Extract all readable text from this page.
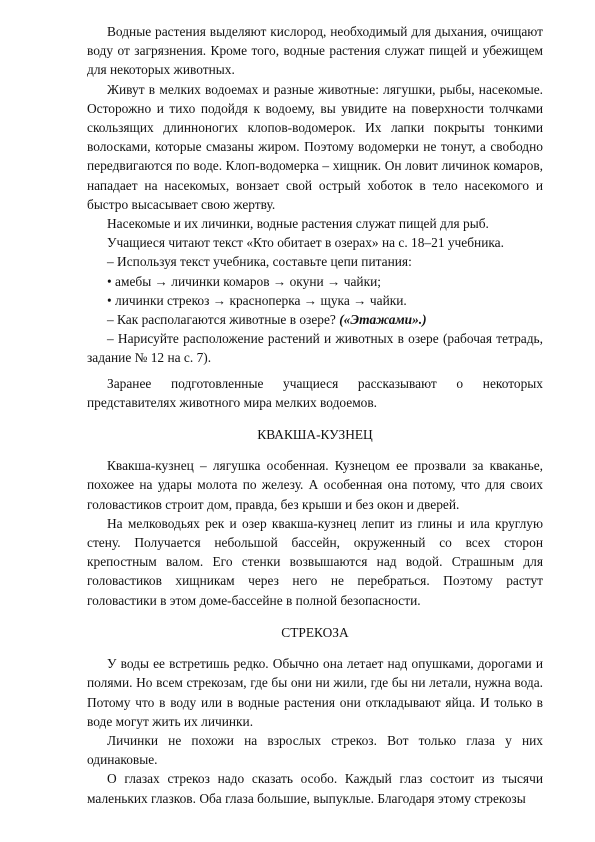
Водные растения выделяют кислород, необходимый для дыхания, очищают воду от загрязнения. Кроме того, водные растения служат пищей и убежищем для некоторых животных.

Живут в мелких водоемах и разные животные: лягушки, рыбы, насекомые. Осторожно и тихо подойдя к водоему, вы увидите на поверхности толчками скользящих длинноногих клопов-водомерок. Их лапки покрыты тонкими волосками, которые смазаны жиром. Поэтому водомерки не тонут, а свободно передвигаются по воде. Клоп-водомерка – хищник. Он ловит личинок комаров, нападает на насекомых, вонзает свой острый хоботок в тело насекомого и быстро высасывает свою жертву.

Насекомые и их личинки, водные растения служат пищей для рыб.

Учащиеся читают текст «Кто обитает в озерах» на с. 18–21 учебника.

– Используя текст учебника, составьте цепи питания:

• амебы → личинки комаров → окуни → чайки;

• личинки стрекоз → красноперка → щука → чайки.

– Как располагаются животные в озере? («Этажами».)

– Нарисуйте расположение растений и животных в озере (рабочая тетрадь, задание № 12 на с. 7).

Заранее подготовленные учащиеся рассказывают о некоторых представителях животного мира мелких водоемов.

КВАКША-КУЗНЕЦ

Квакша-кузнец – лягушка особенная. Кузнецом ее прозвали за кваканье, похожее на удары молота по железу. А особенная она потому, что для своих головастиков строит дом, правда, без крыши и без окон и дверей.

На мелководьях рек и озер квакша-кузнец лепит из глины и ила круглую стену. Получается небольшой бассейн, окруженный со всех сторон крепостным валом. Его стенки возвышаются над водой. Страшным для головастиков хищникам через него не перебраться. Поэтому растут головастики в этом доме-бассейне в полной безопасности.

СТРЕКОЗА

У воды ее встретишь редко. Обычно она летает над опушками, дорогами и полями. Но всем стрекозам, где бы они ни жили, где бы ни летали, нужна вода. Потому что в воду или в водные растения они откладывают яйца. И только в воде могут жить их личинки.

Личинки не похожи на взрослых стрекоз. Вот только глаза у них одинаковые.

О глазах стрекоз надо сказать особо. Каждый глаз состоит из тысячи маленьких глазков. Оба глаза большие, выпуклые. Благодаря этому стрекозы
